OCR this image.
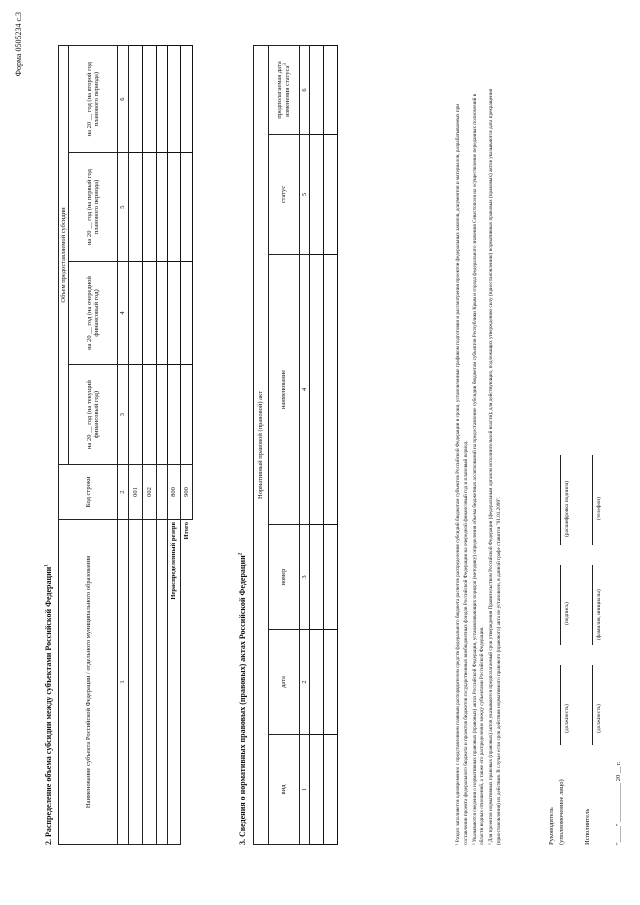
Форма 0505234 с.3
2. Распределение объема субсидии между субъектами Российской Федерации$^1$	Наименование субъекта Российской Федерации / отдельного муниципального образования	Код строки	Объем предоставляемой субсидии			
		на 20 __ год (на текущий финансовый год)	на 20 __ год (на очередной финансовый год)	на 20 __ год (на первый год планового периода)	на 20 __ год (на второй год планового периода)
1	2	3	4	5	6
	001				
	002				

Нераспределенный резерв	800				
Итого	900				
3. Сведения о нормативных правовых (правовых) актах Российской Федерации$^2$
Нормативный правовой (правовой) акт					
вид	дата	номер	наименование	статус	предполагаемая дата изменения статуса$^3$
1	2	3	4	5	6

¹ Раздел заполняется одновременно с представлением главным распорядителем средств федерального бюджета расчетов распределения субсидий бюджетам субъектов Российской Федерации в сроки, установленные графиком подготовки и рассмотрения проектов федеральных законов, документов и материалов, разрабатываемых при составлении проекта федерального бюджета и проектов бюджетов государственных внебюджетных фондов Российской Федерации на очередной финансовый год и плановый период. ² Указываются сведения о нормативных правовых (правовых) актах Российской Федерации, устанавливающих порядок (методику) определения объема бюджетных ассигнований на предоставление субсидии бюджетам субъектов Республики Крым и города федерального значения Севастополя на осуществление переданных полномочий в области водных отношений, а также его распределение между субъектами Российской Федерации. ³ Для проектов нормативных правовых (правовых) актов указываются предполагаемый срок утверждения Правительством Российской Федерации (федеральным органом исполнительной власти); для действующих, подлежащих утверждению силу (приостановлению) нормативных правовых (правовых) актов указываются дата прекращения (приостановления) их действия. В случае если срок действия нормативного правового (правового) акта не установлен, в данной графе ставится "01.01.2099".	Руководитель (уполномоченное лицо)
(должность)
(подпись)
(расшифровка подписи)
Исполнитель
(должность)
(фамилия, инициалы)
(телефон)
"_____" ____________ 20 __ г.
